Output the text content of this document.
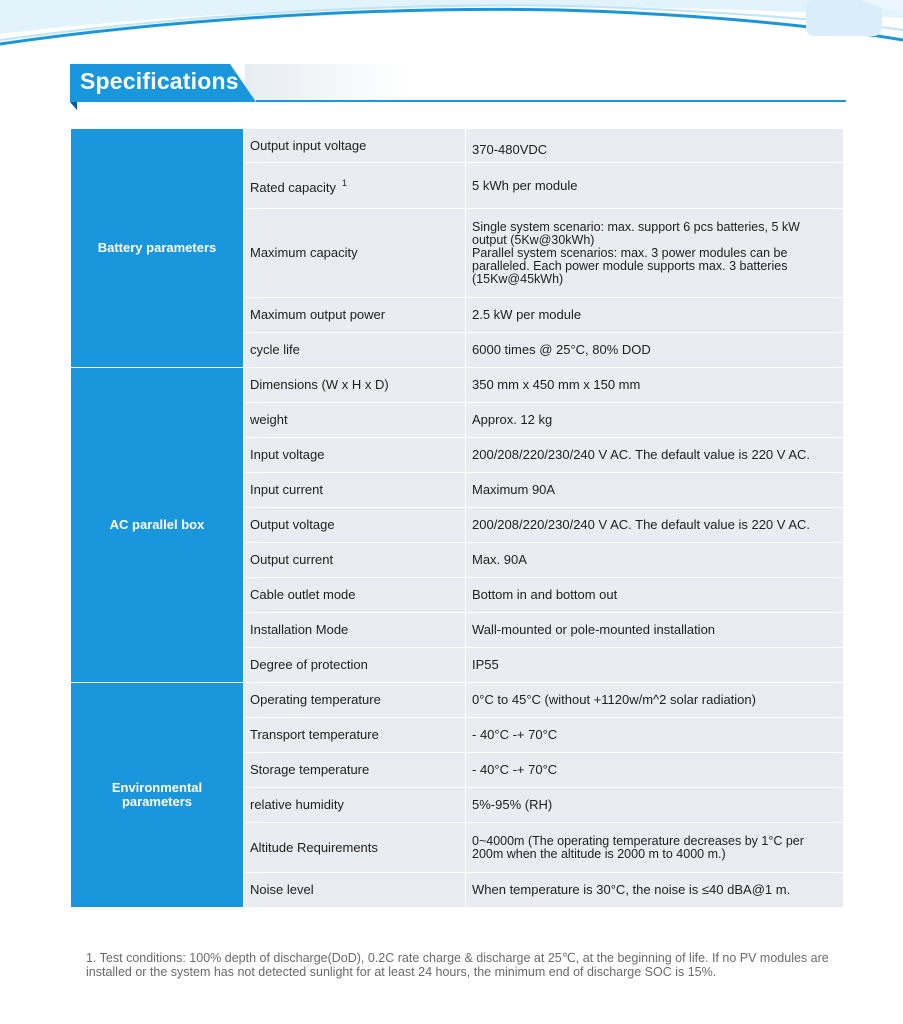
Specifications
Battery parameters	Output input voltage	370-480VDC
	Rated capacity $^1$	5 kWh per module
	Maximum capacity	Single system scenario: max. support 6 pcs batteries, 5 kW output (5Kw@30kWh)
Parallel system scenarios: max. 3 power modules can be paralleled. Each power module supports max. 3 batteries (15Kw@45kWh)
	Maximum output power	2.5 kW per module
	cycle life	6000 times @ 25°C, 80% DOD
AC parallel box	Dimensions (W x H x D)	350 mm x 450 mm x 150 mm
	weight	Approx. 12 kg
	Input voltage	200/208/220/230/240 V AC. The default value is 220 V AC.
	Input current	Maximum 90A
	Output voltage	200/208/220/230/240 V AC. The default value is 220 V AC.
	Output current	Max. 90A
	Cable outlet mode	Bottom in and bottom out
	Installation Mode	Wall-mounted or pole-mounted installation
	Degree of protection	IP55
Environmental parameters	Operating temperature	0°C to 45°C (without +1120w/m^2 solar radiation)
	Transport temperature	- 40°C -+ 70°C
	Storage temperature	- 40°C -+ 70°C
	relative humidity	5%-95% (RH)
	Altitude Requirements	0~4000m (The operating temperature decreases by 1°C per 200m when the altitude is 2000 m to 4000 m.)
	Noise level	When temperature is 30°C, the noise is ≤40 dBA@1 m.
1. Test conditions: 100% depth of discharge(DoD), 0.2C rate charge & discharge at 25℃, at the beginning of life. If no PV modules are installed or the system has not detected sunlight for at least 24 hours, the minimum end of discharge SOC is 15%.
